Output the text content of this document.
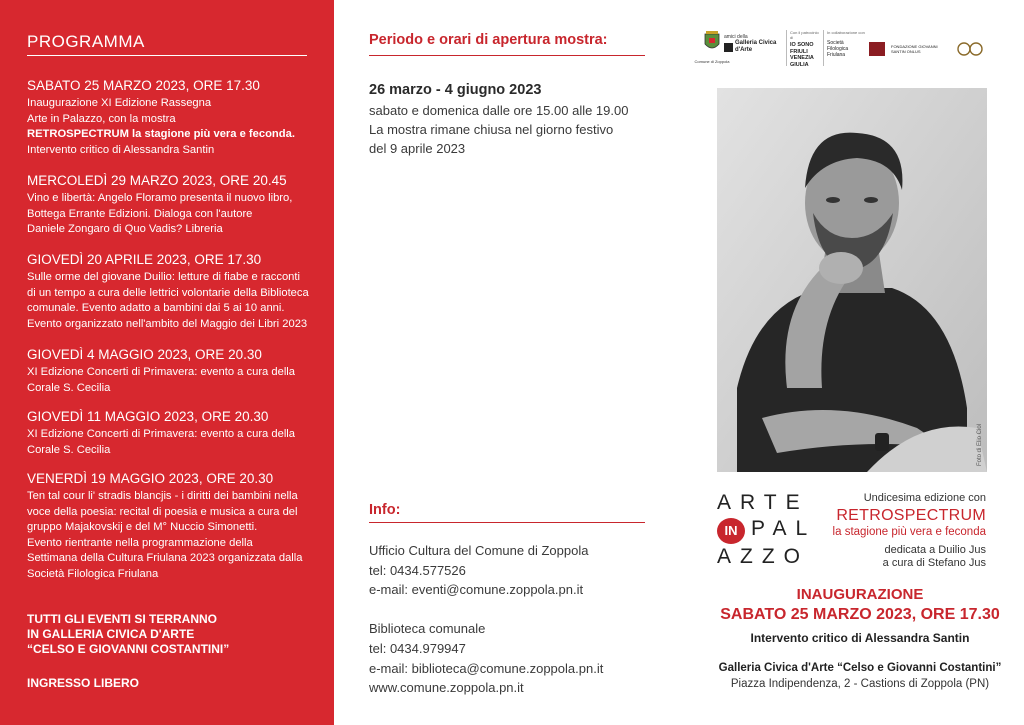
PROGRAMMA
SABATO 25 MARZO 2023, ORE 17.30
Inaugurazione XI Edizione Rassegna
Arte in Palazzo, con la mostra
RETROSPECTRUM la stagione più vera e feconda.
Intervento critico di Alessandra Santin
MERCOLEDÌ 29 MARZO 2023, ORE 20.45
Vino e libertà: Angelo Floramo presenta il nuovo libro,
Bottega Errante Edizioni. Dialoga con l'autore
Daniele Zongaro di Quo Vadis? Libreria
GIOVEDÌ 20 APRILE 2023, ORE 17.30
Sulle orme del giovane Duilio: letture di fiabe e racconti
di un tempo a cura delle lettrici volontarie della Biblioteca
comunale. Evento adatto a bambini dai 5 ai 10 anni.
Evento organizzato nell'ambito del Maggio dei Libri 2023
GIOVEDÌ 4 MAGGIO 2023, ORE 20.30
XI Edizione Concerti di Primavera: evento a cura della
Corale S. Cecilia
GIOVEDÌ 11 MAGGIO 2023, ORE 20.30
XI Edizione Concerti di Primavera: evento a cura della
Corale S. Cecilia
VENERDÌ 19 MAGGIO 2023, ORE 20.30
Ten tal cour li' stradis blancjis - i diritti dei bambini nella
voce della poesia: recital di poesia e musica a cura del
gruppo Majakovskij e del M° Nuccio Simonetti.
Evento rientrante nella programmazione della
Settimana della Cultura Friulana 2023 organizzata dalla
Società Filologica Friulana
TUTTI GLI EVENTI SI TERRANNO
IN GALLERIA CIVICA D'ARTE
“CELSO E GIOVANNI COSTANTINI”
INGRESSO LIBERO
Periodo e orari di apertura mostra:
26 marzo - 4 giugno 2023
sabato e domenica dalle ore 15.00 alle 19.00
La mostra rimane chiusa nel giorno festivo
del 9 aprile 2023
Info:
Ufficio Cultura del Comune di Zoppola
tel: 0434.577526
e-mail: eventi@comune.zoppola.pn.it
Biblioteca comunale
tel: 0434.979947
e-mail: biblioteca@comune.zoppola.pn.it
www.comune.zoppola.pn.it
Comune di Zoppola
amici della
Galleria Civica d'Arte
Con il patrocinio di
IO SONO FRIULI VENEZIA GIULIA
In collaborazione con
Società Filologica Friulana
FONDAZIONE GIOVANNI SANTIN ONLUS
Foto di Elio Ciol
ARTE
IN PAL
AZZO
Undicesima edizione con
RETROSPECTRUM
la stagione più vera e feconda
dedicata a Duilio Jus
a cura di Stefano Jus
INAUGURAZIONE
SABATO 25 MARZO 2023, ORE 17.30
Intervento critico di Alessandra Santin
Galleria Civica d'Arte “Celso e Giovanni Costantini”
Piazza Indipendenza, 2 - Castions di Zoppola (PN)
